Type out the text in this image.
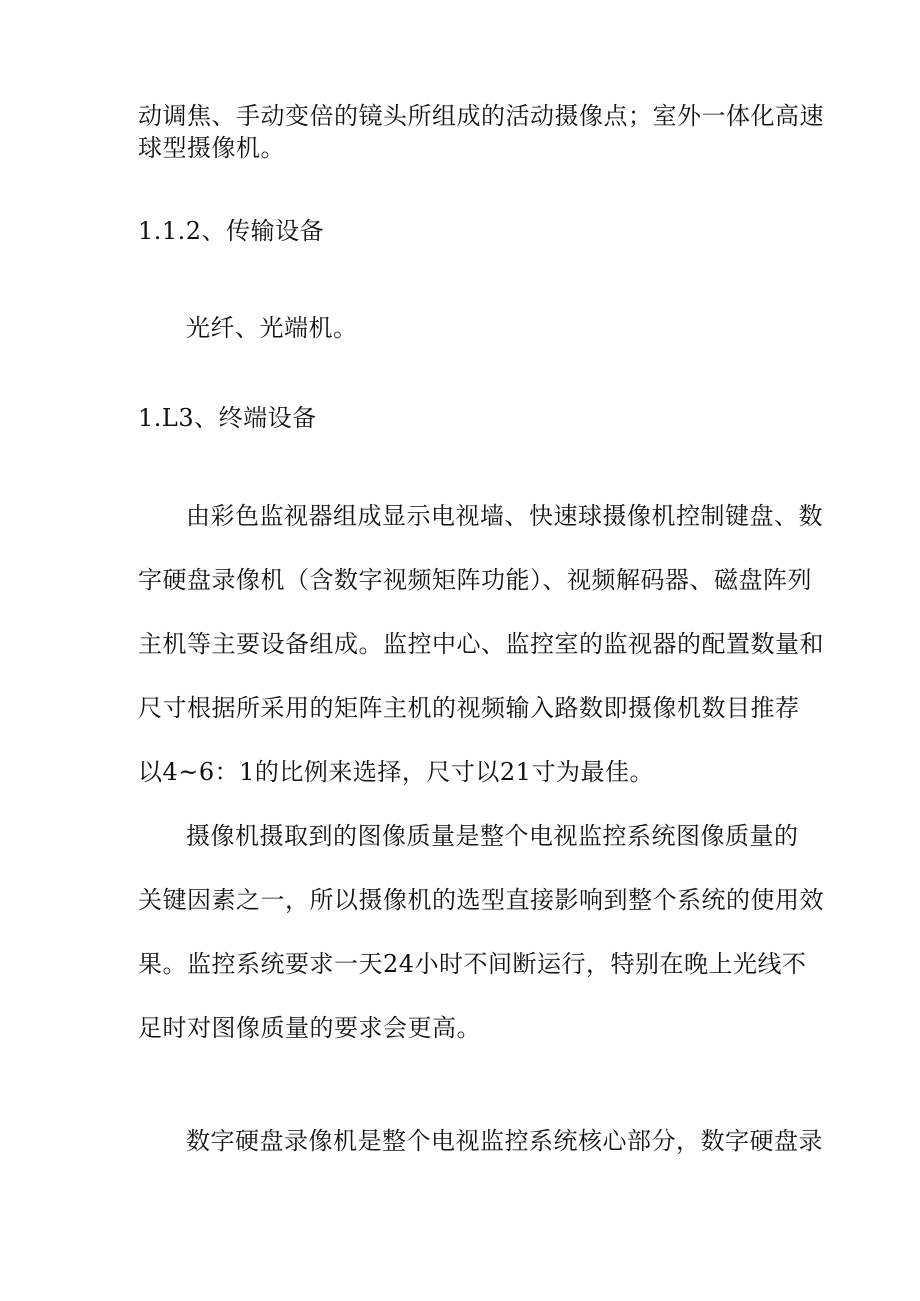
动调焦、手动变倍的镜头所组成的活动摄像点；室外一体化高速
球型摄像机。
1.1.2、传输设备
光纤、光端机。
1.L3、终端设备
由彩色监视器组成显示电视墙、快速球摄像机控制键盘、数
字硬盘录像机（含数字视频矩阵功能）、视频解码器、磁盘阵列
主机等主要设备组成。监控中心、监控室的监视器的配置数量和
尺寸根据所采用的矩阵主机的视频输入路数即摄像机数目推荐
以4~6：1的比例来选择，尺寸以21寸为最佳。
摄像机摄取到的图像质量是整个电视监控系统图像质量的
关键因素之一，所以摄像机的选型直接影响到整个系统的使用效
果。监控系统要求一天24小时不间断运行，特别在晚上光线不
足时对图像质量的要求会更高。
数字硬盘录像机是整个电视监控系统核心部分，数字硬盘录
